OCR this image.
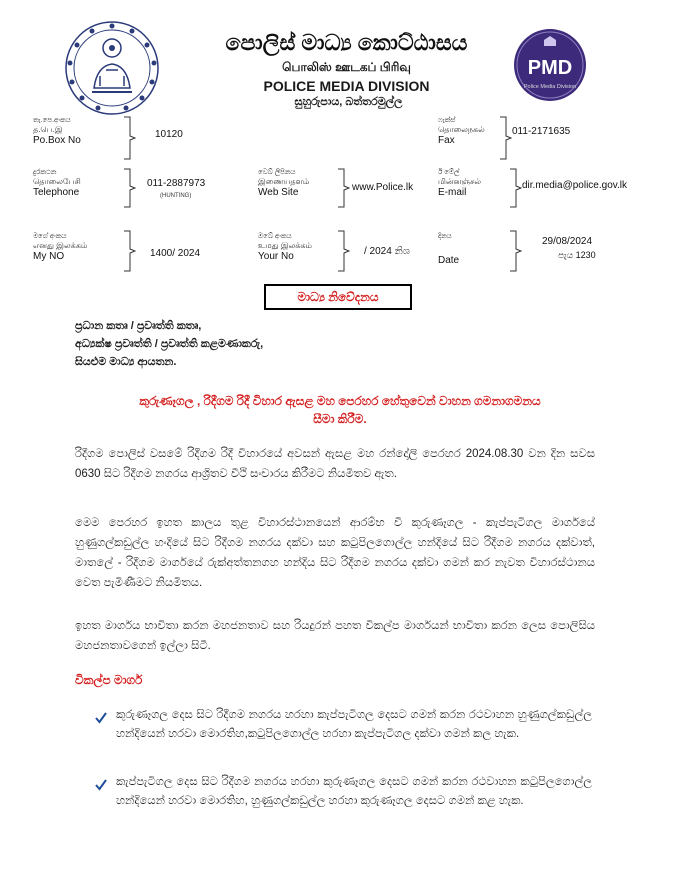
PMD
Police Media Division
පොලිස් මාධ්‍ය කොට්ඨාසය
பொலிஸ் ஊடகப் பிரிவு
POLICE MEDIA DIVISION
සුහුරුපාය, බත්තරමුල්ල
තැ.පෙ.අංකය
த.பெ.இ
Po.Box No
10120
ෆැක්ස්
தொலைநகல்
Fax
011-2171635
දුරකථන
தொலைபேசி
Telephone
011-2887973
(HUNTING)
වෙබ් ලිපිනය
இணையதளம்
Web Site	www.Police.lk
ඊ මේල්
மின்னஞ்சல்
E-mail
dir.media@police.gov.lk
මගේ අංකය
எனது இலக்கம்
My NO	1400/ 2024
ඔබේ අංකය
உமது இலக்கம்
Your No	/ 2024 නිශ
දිනය
Date
29/08/2024
පැය 1230
මාධ්‍ය නිවේදනය
ප්‍රධාන කතෘ / ප්‍රවෘත්ති කතෘ,
අධ්‍යක්ෂ ප්‍රවෘත්ති / ප්‍රවෘත්ති කළමණාකරු,
සියළුම මාධ්‍ය ආයතන.
කුරුණෑගල , රිදීගම රිදී විහාර ඇසළ මහ පෙරහර හේතුවෙන් වාහන ගමනාගමනය
සීමා කිරීම.
රිදීගම පොලිස් වසමේ රිදීගම රිදී විහාරයේ අවසන් ඇසළ මහ රන්දෝලි පෙරහර 2024.08.30 වන දින සවස 0630 සිට රිදීගම නගරය ආශ්‍රිතව වීථි සංචාරය කිරීමට නියමිතව ඇත.
මෙම පෙරහර ඉහත කාලය තුළ විහාරස්ථානයෙන් ආරම්භ වී කුරුණෑගල - කැප්පැටිගල මාර්ගයේ හුණුගල්කඩුල්ල හංදියේ සිට රිදීගම නගරය දක්වා සහ කටුපිලගොල්ල හන්දියේ සිට රිදීගම නගරය දක්වාත්, මාතලේ - රිදීගම මාර්ගයේ රුක්අත්තනගහ හන්දිය සිට රිදීගම නගරය දක්වා ගමන් කර නැවත විහාරස්ථානය වෙත පැමිණීමට නියමිතය.
ඉහත මාර්ගය භාවිතා කරන මහජනතාව සහ රියදුරන් පහත විකල්ප මාර්ගයන් භාවිතා කරන ලෙස පොලිසිය මහජනතාවගෙන් ඉල්ලා සිටී.
විකල්ප මාර්ග
කුරුණෑගල දෙස සිට රිදීගම නගරය හරහා කැප්පැටිගල දෙසට ගමන් කරන රථවාහන හුණුගල්කඩුල්ල හන්දියෙන් හරවා මොරතිහ,කටුපිලගොල්ල හරහා කැප්පැටිගල දක්වා ගමන් කල හැක.
කැප්පැටිගල දෙස සිට රිදීගම නගරය හරහා කුරුණෑගල දෙසට ගමන් කරන රථවාහන කටුපිලගොල්ල හන්දියෙන් හරවා මොරතිහ, හුණුගල්කඩුල්ල හරහා කුරුණෑගල දෙසට ගමන් කළ හැක.
